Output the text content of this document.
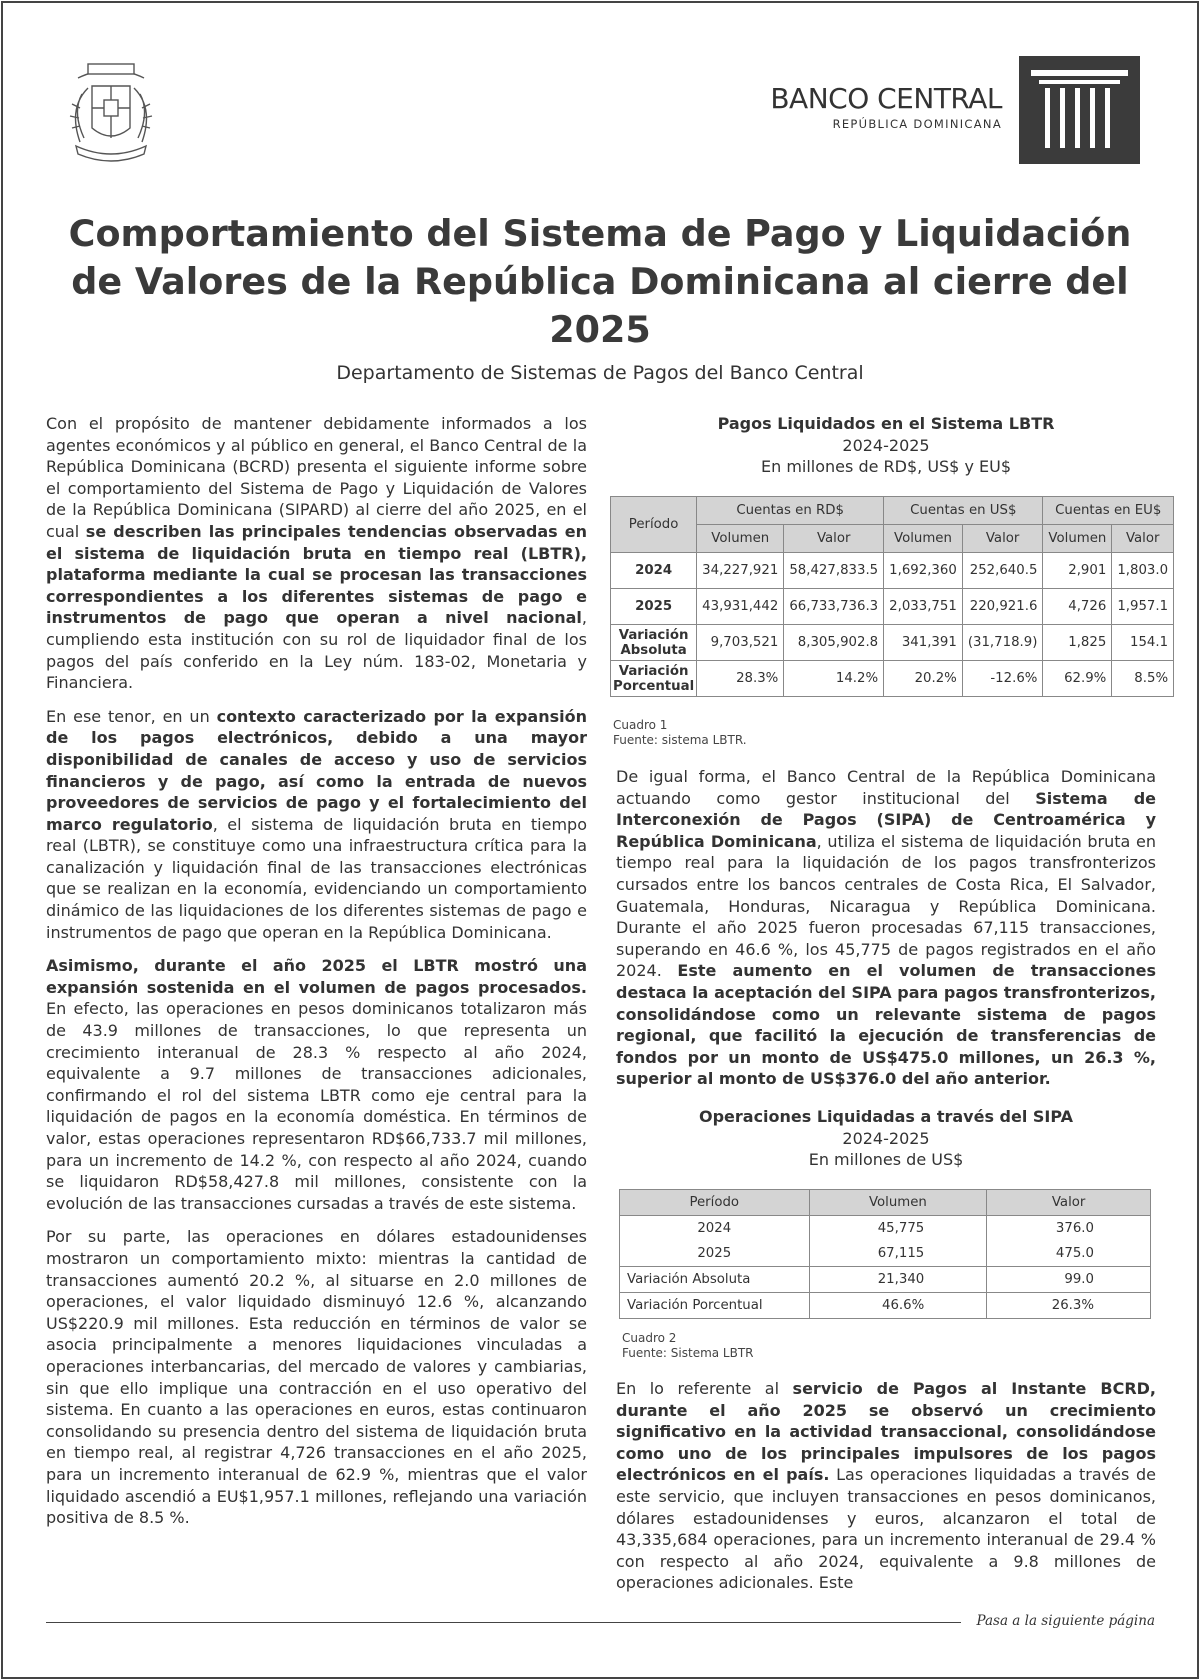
BANCO CENTRAL
REPÚBLICA DOMINICANA
Comportamiento del Sistema de Pago y Liquidación de Valores de la República Dominicana al cierre del 2025
Departamento de Sistemas de Pagos del Banco Central

Con el propósito de mantener debidamente informados a los agentes económicos y al público en general, el Banco Central de la República Dominicana (BCRD) presenta el siguiente informe sobre el comportamiento del Sistema de Pago y Liquidación de Valores de la República Dominicana (SIPARD) al cierre del año 2025, en el cual se describen las principales tendencias observadas en el sistema de liquidación bruta en tiempo real (LBTR), plataforma mediante la cual se procesan las transacciones correspondientes a los diferentes sistemas de pago e instrumentos de pago que operan a nivel nacional, cumpliendo esta institución con su rol de liquidador final de los pagos del país conferido en la Ley núm. 183-02, Monetaria y Financiera.

En ese tenor, en un contexto caracterizado por la expansión de los pagos electrónicos, debido a una mayor disponibilidad de canales de acceso y uso de servicios financieros y de pago, así como la entrada de nuevos proveedores de servicios de pago y el fortalecimiento del marco regulatorio, el sistema de liquidación bruta en tiempo real (LBTR), se constituye como una infraestructura crítica para la canalización y liquidación final de las transacciones electrónicas que se realizan en la economía, evidenciando un comportamiento dinámico de las liquidaciones de los diferentes sistemas de pago e instrumentos de pago que operan en la República Dominicana.

Asimismo, durante el año 2025 el LBTR mostró una expansión sostenida en el volumen de pagos procesados. En efecto, las operaciones en pesos dominicanos totalizaron más de 43.9 millones de transacciones, lo que representa un crecimiento interanual de 28.3 % respecto al año 2024, equivalente a 9.7 millones de transacciones adicionales, confirmando el rol del sistema LBTR como eje central para la liquidación de pagos en la economía doméstica. En términos de valor, estas operaciones representaron RD$66,733.7 mil millones, para un incremento de 14.2 %, con respecto al año 2024, cuando se liquidaron RD$58,427.8 mil millones, consistente con la evolución de las transacciones cursadas a través de este sistema.

Por su parte, las operaciones en dólares estadounidenses mostraron un comportamiento mixto: mientras la cantidad de transacciones aumentó 20.2 %, al situarse en 2.0 millones de operaciones, el valor liquidado disminuyó 12.6 %, alcanzando US$220.9 mil millones. Esta reducción en términos de valor se asocia principalmente a menores liquidaciones vinculadas a operaciones interbancarias, del mercado de valores y cambiarias, sin que ello implique una contracción en el uso operativo del sistema. En cuanto a las operaciones en euros, estas continuaron consolidando su presencia dentro del sistema de liquidación bruta en tiempo real, al registrar 4,726 transacciones en el año 2025, para un incremento interanual de 62.9 %, mientras que el valor liquidado ascendió a EU$1,957.1 millones, reflejando una variación positiva de 8.5 %.

Pagos Liquidados en el Sistema LBTR
2024-2025
En millones de RD$, US$ y EU$
Período	Cuentas en RD$		Cuentas en US$		Cuentas en EU$	
	Volumen	Valor	Volumen	Valor	Volumen	Valor
2024	34,227,921	58,427,833.5	1,692,360	252,640.5	2,901	1,803.0
2025	43,931,442	66,733,736.3	2,033,751	220,921.6	4,726	1,957.1
Variación
Absoluta	9,703,521	8,305,902.8	341,391	(31,718.9)	1,825	154.1
Variación
Porcentual	28.3%	14.2%	20.2%	-12.6%	62.9%	8.5%
Cuadro 1
Fuente: sistema LBTR.

De igual forma, el Banco Central de la República Dominicana actuando como gestor institucional del Sistema de Interconexión de Pagos (SIPA) de Centroamérica y República Dominicana, utiliza el sistema de liquidación bruta en tiempo real para la liquidación de los pagos transfronterizos cursados entre los bancos centrales de Costa Rica, El Salvador, Guatemala, Honduras, Nicaragua y República Dominicana. Durante el año 2025 fueron procesadas 67,115 transacciones, superando en 46.6 %, los 45,775 de pagos registrados en el año 2024. Este aumento en el volumen de transacciones destaca la aceptación del SIPA para pagos transfronterizos, consolidándose como un relevante sistema de pagos regional, que facilitó la ejecución de transferencias de fondos por un monto de US$475.0 millones, un 26.3 %, superior al monto de US$376.0 del año anterior.

Operaciones Liquidadas a través del SIPA
2024-2025
En millones de US$
Período	Volumen	Valor
2024	45,775	376.0
2025	67,115	475.0
Variación Absoluta	21,340	99.0
Variación Porcentual	46.6%	26.3%
Cuadro 2
Fuente: Sistema LBTR

En lo referente al servicio de Pagos al Instante BCRD, durante el año 2025 se observó un crecimiento significativo en la actividad transaccional, consolidándose como uno de los principales impulsores de los pagos electrónicos en el país. Las operaciones liquidadas a través de este servicio, que incluyen transacciones en pesos dominicanos, dólares estadounidenses y euros, alcanzaron el total de 43,335,684 operaciones, para un incremento interanual de 29.4 % con respecto al año 2024, equivalente a 9.8 millones de operaciones adicionales. Este

Pasa a la siguiente página
